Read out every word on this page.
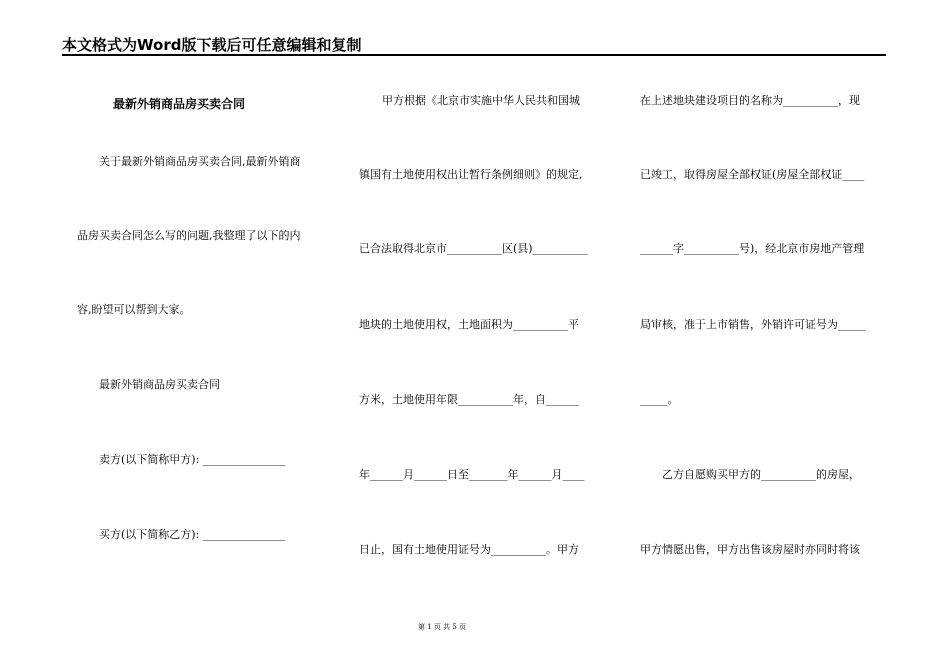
本文格式为Word版下载后可任意编辑和复制
最新外销商品房买卖合同
关于最新外销商品房买卖合同,最新外销商
品房买卖合同怎么写的问题,我整理了以下的内
容,盼望可以帮到大家。
最新外销商品房买卖合同
卖方(以下简称甲方): _______________
买方(以下简称乙方): _______________
甲方根据《北京市实施中华人民共和国城
镇国有土地使用权出让暂行条例细则》的规定,
已合法取得北京市__________区(县)__________
地块的土地使用权，土地面积为__________平
方米，土地使用年限__________年，自______
年______月______日至_______年______月____
日止，国有土地使用证号为__________。甲方
在上述地块建设项目的名称为__________，现
已竣工，取得房屋全部权证(房屋全部权证____
______字__________号)，经北京市房地产管理
局审核，准于上市销售，外销许可证号为_____
_____。
乙方自愿购买甲方的__________的房屋，
甲方情愿出售，甲方出售该房屋时亦同时将该
第 1 页 共 5 页
